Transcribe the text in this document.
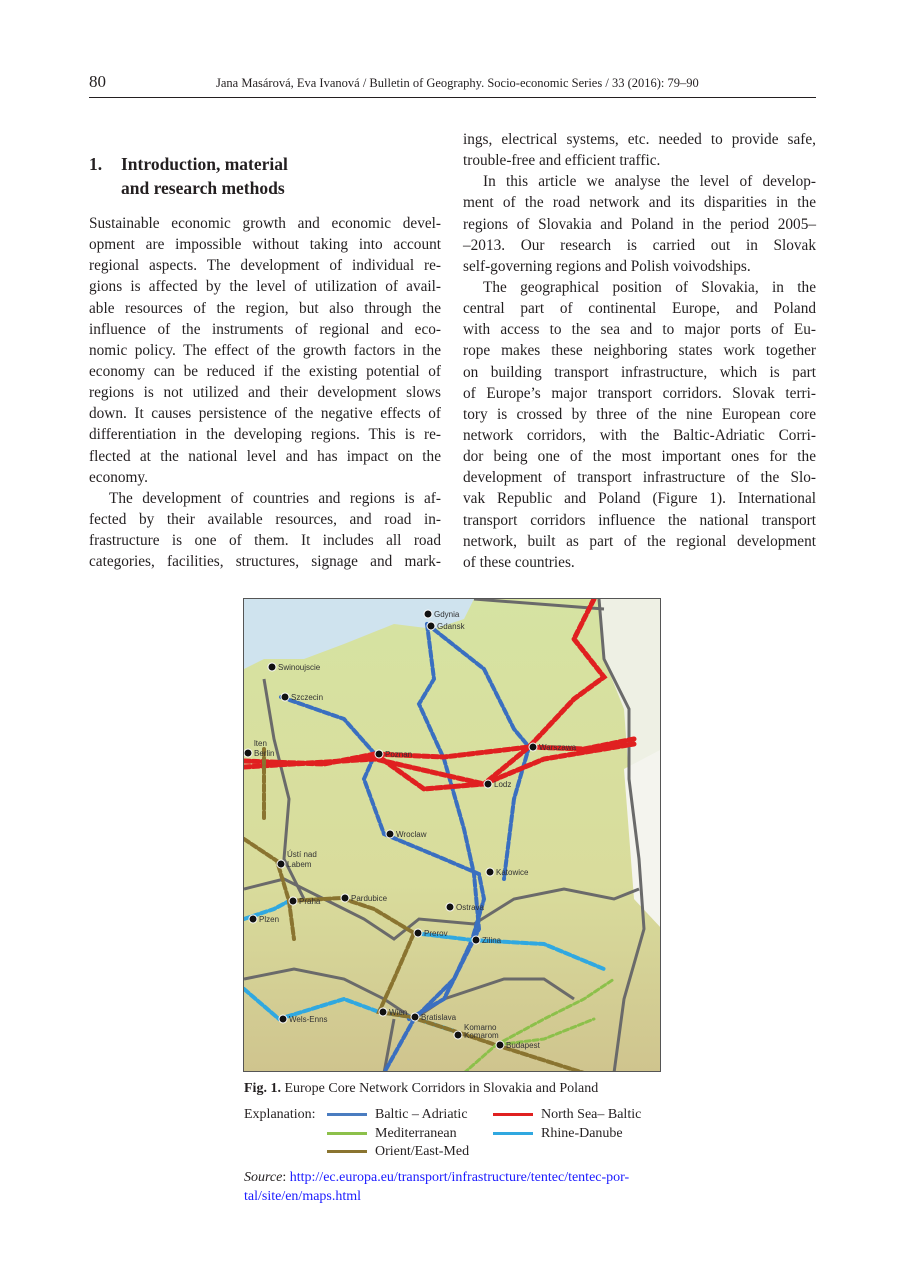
80	Jana Masárová, Eva Ivanová / Bulletin of Geography. Socio-economic Series / 33 (2016): 79–90
1. Introduction, material
and research methods
Sustainable economic growth and economic devel-
opment are impossible without taking into account
regional aspects. The development of individual re-
gions is affected by the level of utilization of avail-
able resources of the region, but also through the
influence of the instruments of regional and eco-
nomic policy. The effect of the growth factors in the
economy can be reduced if the existing potential of
regions is not utilized and their development slows
down. It causes persistence of the negative effects of
differentiation in the developing regions. This is re-
flected at the national level and has impact on the
economy.
The development of countries and regions is af-
fected by their available resources, and road in-
frastructure is one of them. It includes all road
categories, facilities, structures, signage and mark-
ings, electrical systems, etc. needed to provide safe,
trouble-free and efficient traffic.
In this article we analyse the level of develop-
ment of the road network and its disparities in the
regions of Slovakia and Poland in the period 2005–
–2013. Our research is carried out in Slovak
self-governing regions and Polish voivodships.
The geographical position of Slovakia, in the
central part of continental Europe, and Poland
with access to the sea and to major ports of Eu-
rope makes these neighboring states work together
on building transport infrastructure, which is part
of Europe’s major transport corridors. Slovak terri-
tory is crossed by three of the nine European core
network corridors, with the Baltic-Adriatic Corri-
dor being one of the most important ones for the
development of transport infrastructure of the Slo-
vak Republic and Poland (Figure 1). International
transport corridors influence the national transport
network, built as part of the regional development
of these countries.
Gdynia
Gdansk
Swinoujscie
Szczecin
lten
Berlin	Poznan
Warszawa
Lodz
Wroclaw
Ústí nad
Labem
Praha	Pardubice
Plzen
Katowice
Ostrava
Prerov
Zilina
Wels-Enns
Wien
Bratislava
Komarno
Komarom
Budapest
Fig. 1. Europe Core Network Corridors in Slovakia and Poland
Explanation:	Baltic – Adriatic	North Sea– Baltic
Mediterranean	Rhine-Danube
Orient/East-Med
Source: http://ec.europa.eu/transport/infrastructure/tentec/tentec-por-
tal/site/en/maps.html
